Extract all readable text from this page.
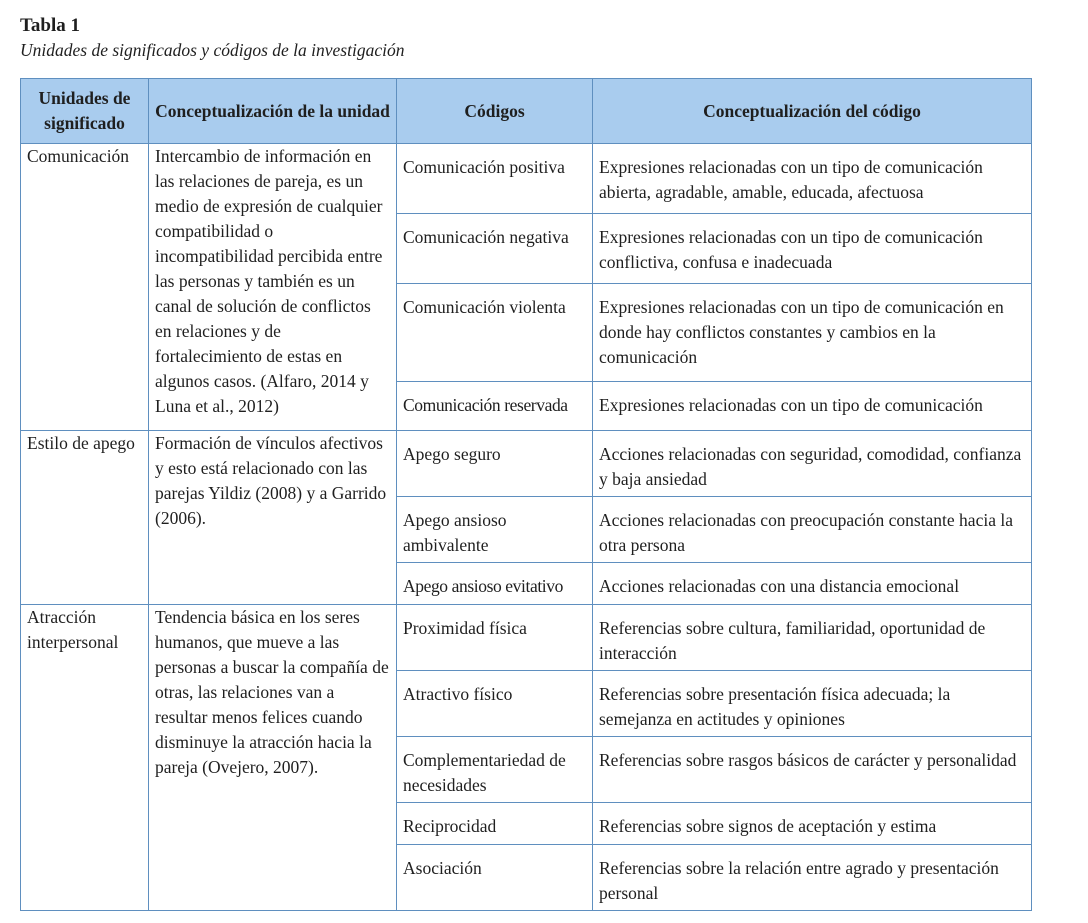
Tabla 1

Unidades de significados y códigos de la investigación

Unidades de significado	Conceptualización de la unidad	Códigos	Conceptualización del código
Comunicación	Intercambio de información en las relaciones de pareja, es un medio de expresión de cualquier compatibilidad o incompatibilidad percibida entre las personas y también es un canal de solución de conflictos en relaciones y de fortalecimiento de estas en algunos casos. (Alfaro, 2014 y Luna et al., 2012)	Comunicación positiva	Expresiones relacionadas con un tipo de comunicación abierta, agradable, amable, educada, afectuosa
		Comunicación negativa	Expresiones relacionadas con un tipo de comunicación conflictiva, confusa e inadecuada
		Comunicación violenta	Expresiones relacionadas con un tipo de comunicación en donde hay conflictos constantes y cambios en la comunicación
		Comunicación reservada	Expresiones relacionadas con un tipo de comunicación
Estilo de apego	Formación de vínculos afectivos y esto está relacionado con las parejas Yildiz (2008) y a Garrido (2006).	Apego seguro	Acciones relacionadas con seguridad, comodidad, confianza y baja ansiedad
		Apego ansioso ambivalente	Acciones relacionadas con preocupación constante hacia la otra persona
		Apego ansioso evitativo	Acciones relacionadas con una distancia emocional
Atracción interpersonal	Tendencia básica en los seres humanos, que mueve a las personas a buscar la compañía de otras, las relaciones van a resultar menos felices cuando disminuye la atracción hacia la pareja (Ovejero, 2007).	Proximidad física	Referencias sobre cultura, familiaridad, oportunidad de interacción
		Atractivo físico	Referencias sobre presentación física adecuada; la semejanza en actitudes y opiniones
		Complementariedad de necesidades	Referencias sobre rasgos básicos de carácter y personalidad
		Reciprocidad	Referencias sobre signos de aceptación y estima
		Asociación	Referencias sobre la relación entre agrado y presentación personal
